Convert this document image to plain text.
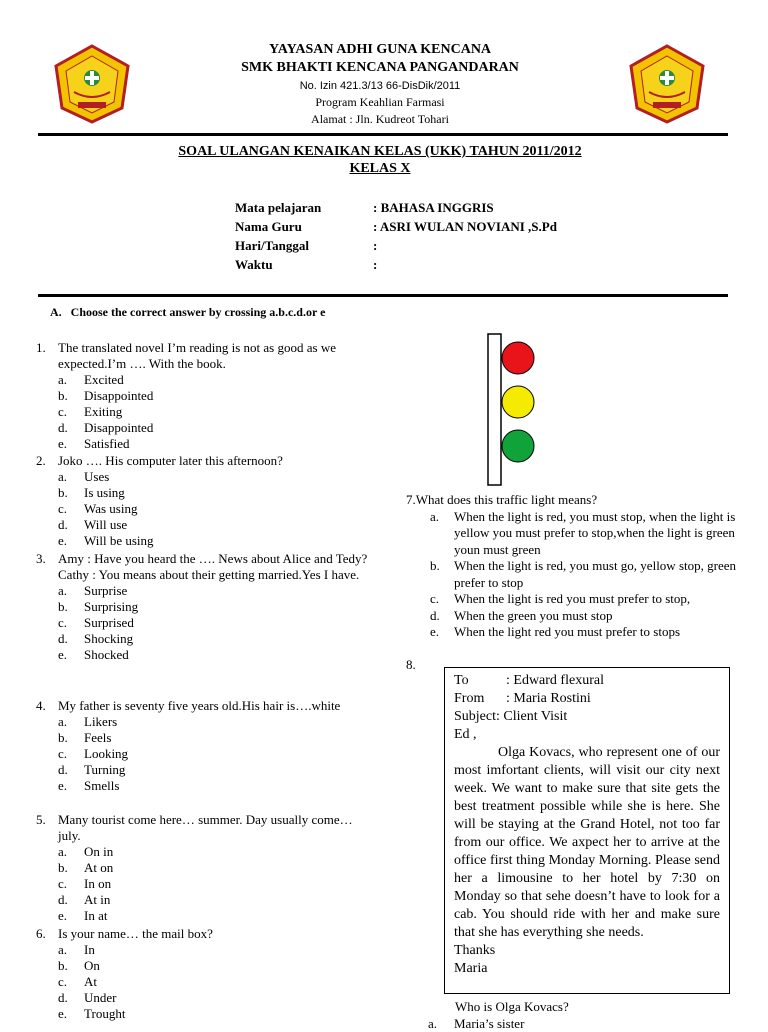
YAYASAN ADHI GUNA KENCANA
SMK BHAKTI KENCANA PANGANDARAN
No. Izin 421.3/13 66-DisDik/2011
Program Keahlian Farmasi
Alamat : Jln. Kudreot Tohari
SOAL ULANGAN KENAIKAN KELAS (UKK) TAHUN 2011/2012
KELAS X
Mata pelajaran	: BAHASA INGGRIS
Nama Guru	: ASRI WULAN NOVIANI ,S.Pd
Hari/Tanggal	:
Waktu	:
A.   Choose the correct answer by crossing a.b.c.d.or e
1. The translated novel I’m reading is not as good as we expected.I’m …. With the book.
a.	Excited
b.	Disappointed
c.	Exiting
d.	Disappointed
e.	Satisfied
2. Joko …. His computer later this afternoon?
a.	Uses
b.	Is using
c.	Was using
d.	Will use
e.	Will be using
3. Amy : Have you heard the …. News about Alice and Tedy?
Cathy : You means about their getting married.Yes I have.
a.	Surprise
b.	Surprising
c.	Surprised
d.	Shocking
e.	Shocked
4. My father is seventy five years old.His hair is….white
a.	Likers
b.	Feels
c.	Looking
d.	Turning
e.	Smells
5. Many tourist come here… summer. Day usually come…july.
a.	On in
b.	At on
c.	In on
d.	At in
e.	In at
6. Is your name… the mail box?
a.	In
b.	On
c.	At
d.	Under
e.	Trought
7.What does this traffic light means?
a.	When the light is red, you must stop, when the light is yellow you must prefer to stop,when the light is green youn must green
b.	When the light is red, you must go, yellow stop, green prefer to stop
c.	When the light is red you must prefer to stop,
d.	When the green you must stop
e.	When the light red you must prefer to stops
8.
To	: Edward flexural
From	: Maria Rostini
Subject: Client Visit
Ed ,
Olga Kovacs, who represent one of our most imfortant clients, will visit our city next week. We want to make sure that site gets the best treatment possible while she is here. She will be staying at the Grand Hotel, not too far from our office. We axpect her to arrive at the office first thing Monday Morning. Please send her a limousine to her hotel by 7:30 on Monday so that sehe doesn’t have to look for a cab. You should ride with her and make sure that she has everything she needs.
Thanks
Maria
Who is Olga Kovacs?
a.	Maria’s sister
